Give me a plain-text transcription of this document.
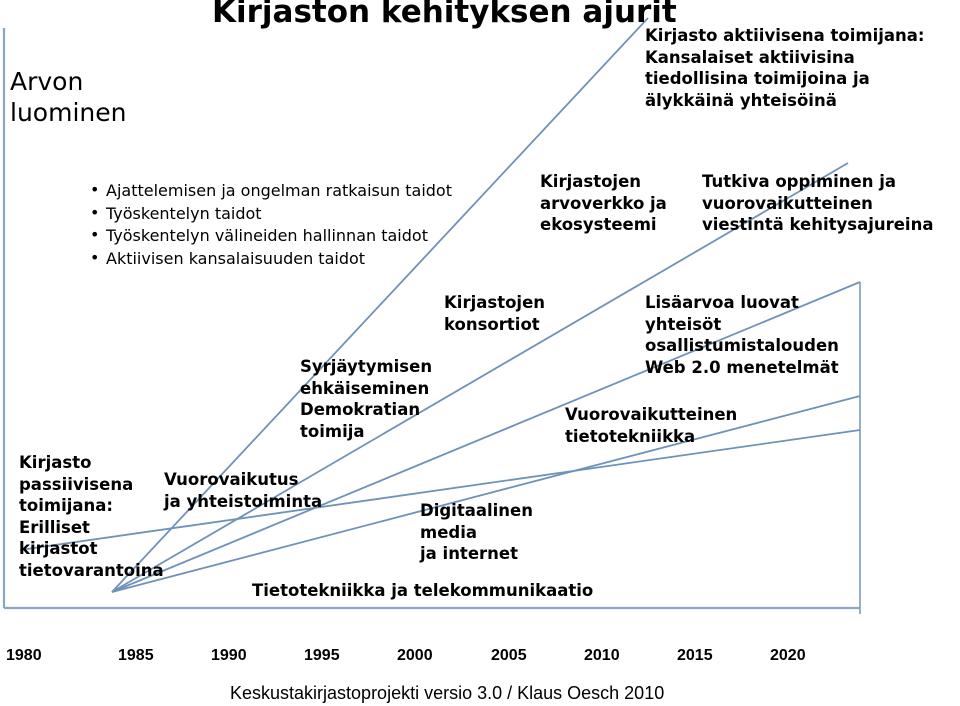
Kirjaston kehityksen ajurit
Arvon
luominen
Kirjasto aktiivisena toimijana:
Kansalaiset aktiivisina
tiedollisina toimijoina ja
älykkäinä yhteisöinä
• Ajattelemisen ja ongelman ratkaisun taidot
• Työskentelyn taidot
• Työskentelyn välineiden hallinnan taidot
• Aktiivisen kansalaisuuden taidot
Kirjastojen
arvoverkko ja
ekosysteemi
Tutkiva oppiminen ja
vuorovaikutteinen
viestintä kehitysajureina
Kirjastojen
konsortiot
Lisäarvoa luovat
yhteisöt
osallistumistalouden
Web 2.0 menetelmät
Syrjäytymisen
ehkäiseminen
Demokratian
toimija
Vuorovaikutteinen
tietotekniikka
Kirjasto
passiivisena
toimijana:
Erilliset
kirjastot
tietovarantoina
Vuorovaikutus
ja yhteistoiminta	Digitaalinen
media
ja internet
Tietotekniikka ja telekommunikaatio
1980	1985	1990	1995	2000	2005	2010	2015	2020
Keskustakirjastoprojekti versio 3.0 / Klaus Oesch 2010
